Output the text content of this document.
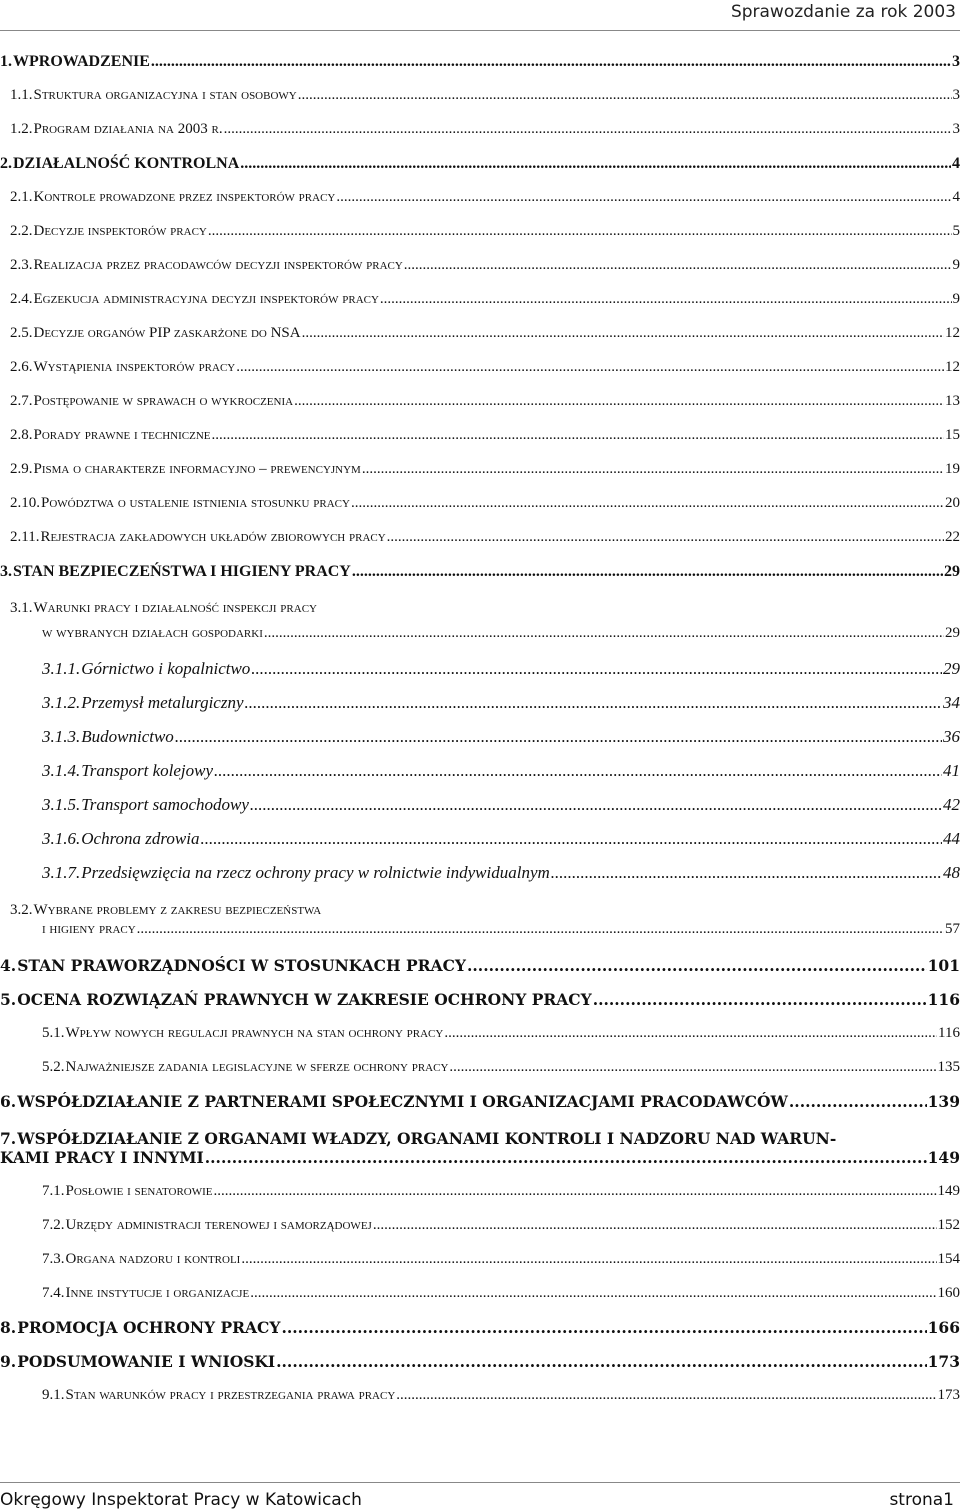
Sprawozdanie za rok 2003
1. WPROWADZENIE .....	3
1.1. Struktura organizacyjna i stan osobowy .....	3
1.2. Program działania na 2003 r. .....	3
2. DZIAŁALNOŚĆ KONTROLNA .....	4
2.1. Kontrole prowadzone przez inspektorów pracy .....	4
2.2. Decyzje inspektorów pracy .....	5
2.3. Realizacja przez pracodawców decyzji inspektorów pracy .....	9
2.4. Egzekucja administracyjna decyzji inspektorów pracy .....	9
2.5. Decyzje organów PIP zaskarżone do NSA .....	12
2.6. Wystąpienia inspektorów pracy .....	12
2.7. Postępowanie w sprawach o wykroczenia .....	13
2.8. Porady prawne i techniczne .....	15
2.9. Pisma o charakterze informacyjno – prewencyjnym .....	19
2.10. Powództwa o ustalenie istnienia stosunku pracy .....	20
2.11. Rejestracja zakładowych układów zbiorowych pracy .....	22
3. STAN BEZPIECZEŃSTWA I HIGIENY PRACY .....	29
3.1. Warunki pracy i działalność inspekcji pracy
w wybranych działach gospodarki .....	29
3.1.1. Górnictwo i kopalnictwo .....	29
3.1.2. Przemysł metalurgiczny .....	34
3.1.3. Budownictwo .....	36
3.1.4. Transport kolejowy .....	41
3.1.5. Transport samochodowy .....	42
3.1.6. Ochrona zdrowia .....	44
3.1.7. Przedsięwzięcia na rzecz ochrony pracy w rolnictwie indywidualnym .....	48
3.2. Wybrane problemy z zakresu bezpieczeństwa
i higieny pracy .....	57
4. STAN PRAWORZĄDNOŚCI W STOSUNKACH PRACY .....	101
5. OCENA ROZWIĄZAŃ PRAWNYCH W ZAKRESIE OCHRONY PRACY .....	116
5.1. Wpływ nowych regulacji prawnych na stan ochrony pracy .....	116
5.2. Najważniejsze zadania legislacyjne w sferze ochrony pracy .....	135
6. WSPÓŁDZIAŁANIE Z PARTNERAMI SPOŁECZNYMI I ORGANIZACJAMI PRACODAWCÓW .....	139
7. WSPÓŁDZIAŁANIE Z ORGANAMI WŁADZY, ORGANAMI KONTROLI I NADZORU NAD WARUN-
KAMI PRACY I INNYMI .....	149
7.1. Posłowie i senatorowie .....	149
7.2. Urzędy administracji terenowej i samorządowej .....	152
7.3. Organa nadzoru i kontroli .....	154
7.4. Inne instytucje i organizacje .....	160
8. PROMOCJA OCHRONY PRACY .....	166
9. PODSUMOWANIE I WNIOSKI .....	173
9.1. Stan warunków pracy i przestrzegania prawa pracy .....	173
Okręgowy Inspektorat Pracy w Katowicach	strona1
